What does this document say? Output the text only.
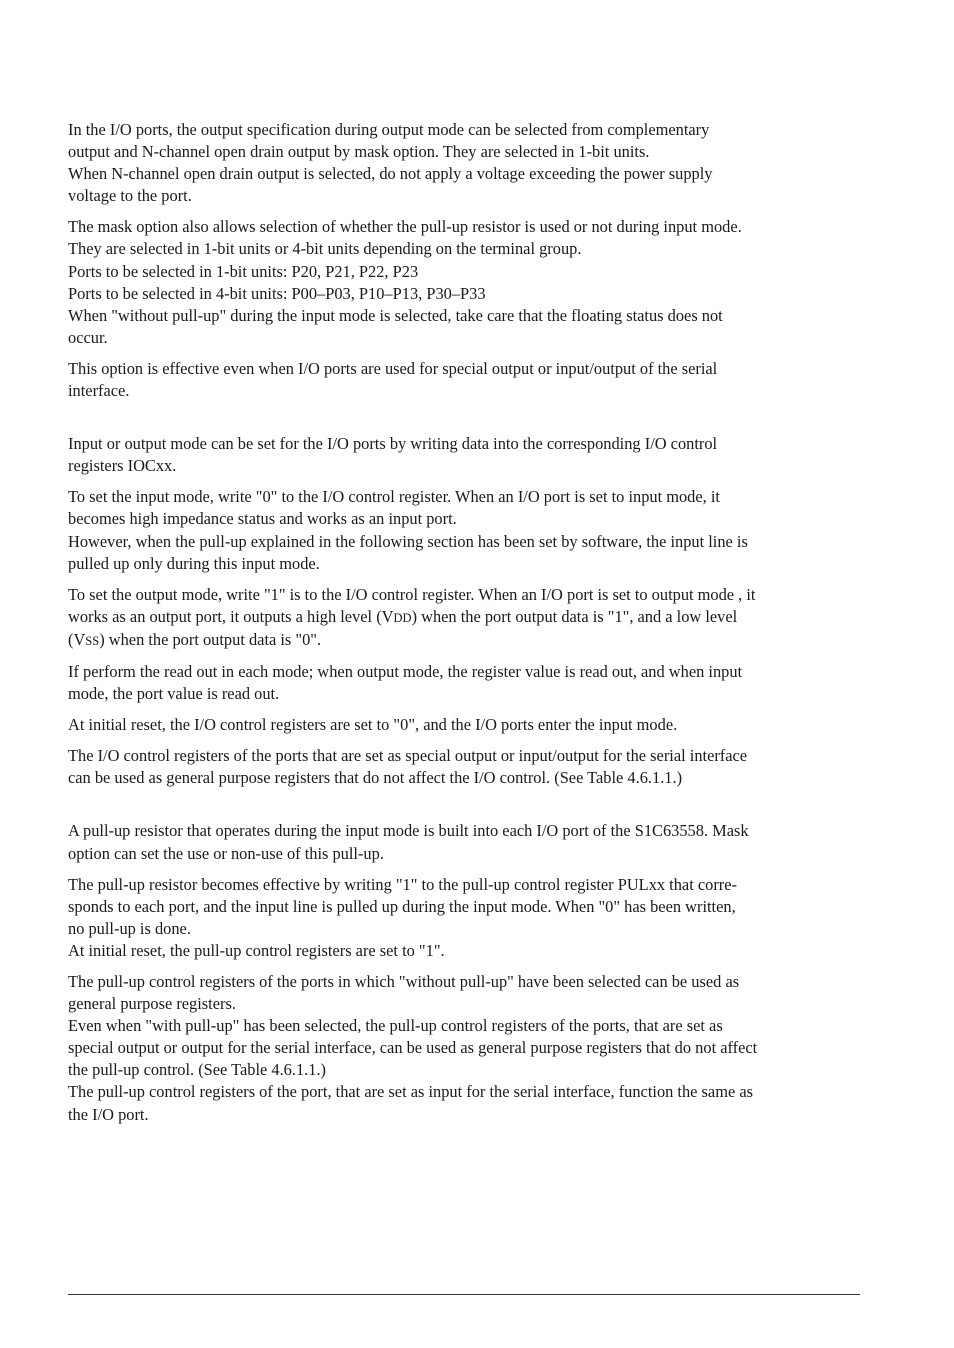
In the I/O ports, the output specification during output mode can be selected from complementary
output and N-channel open drain output by mask option. They are selected in 1-bit units.
When N-channel open drain output is selected, do not apply a voltage exceeding the power supply
voltage to the port.

The mask option also allows selection of whether the pull-up resistor is used or not during input mode.
They are selected in 1-bit units or 4-bit units depending on the terminal group.
Ports to be selected in 1-bit units: P20, P21, P22, P23
Ports to be selected in 4-bit units: P00–P03, P10–P13, P30–P33
When "without pull-up" during the input mode is selected, take care that the floating status does not
occur.

This option is effective even when I/O ports are used for special output or input/output of the serial
interface.

Input or output mode can be set for the I/O ports by writing data into the corresponding I/O control
registers IOCxx.

To set the input mode, write "0" to the I/O control register. When an I/O port is set to input mode, it
becomes high impedance status and works as an input port.
However, when the pull-up explained in the following section has been set by software, the input line is
pulled up only during this input mode.

To set the output mode, write "1" is to the I/O control register. When an I/O port is set to output mode , it
works as an output port, it outputs a high level (VDD) when the port output data is "1", and a low level
(VSS) when the port output data is "0".

If perform the read out in each mode; when output mode, the register value is read out, and when input
mode, the port value is read out.

At initial reset, the I/O control registers are set to "0", and the I/O ports enter the input mode.

The I/O control registers of the ports that are set as special output or input/output for the serial interface
can be used as general purpose registers that do not affect the I/O control. (See Table 4.6.1.1.)

A pull-up resistor that operates during the input mode is built into each I/O port of the S1C63558. Mask
option can set the use or non-use of this pull-up.

The pull-up resistor becomes effective by writing "1" to the pull-up control register PULxx that corre-
sponds to each port, and the input line is pulled up during the input mode. When "0" has been written,
no pull-up is done.
At initial reset, the pull-up control registers are set to "1".

The pull-up control registers of the ports in which "without pull-up" have been selected can be used as
general purpose registers.
Even when "with pull-up" has been selected, the pull-up control registers of the ports, that are set as
special output or output for the serial interface, can be used as general purpose registers that do not affect
the pull-up control. (See Table 4.6.1.1.)
The pull-up control registers of the port, that are set as input for the serial interface, function the same as
the I/O port.
